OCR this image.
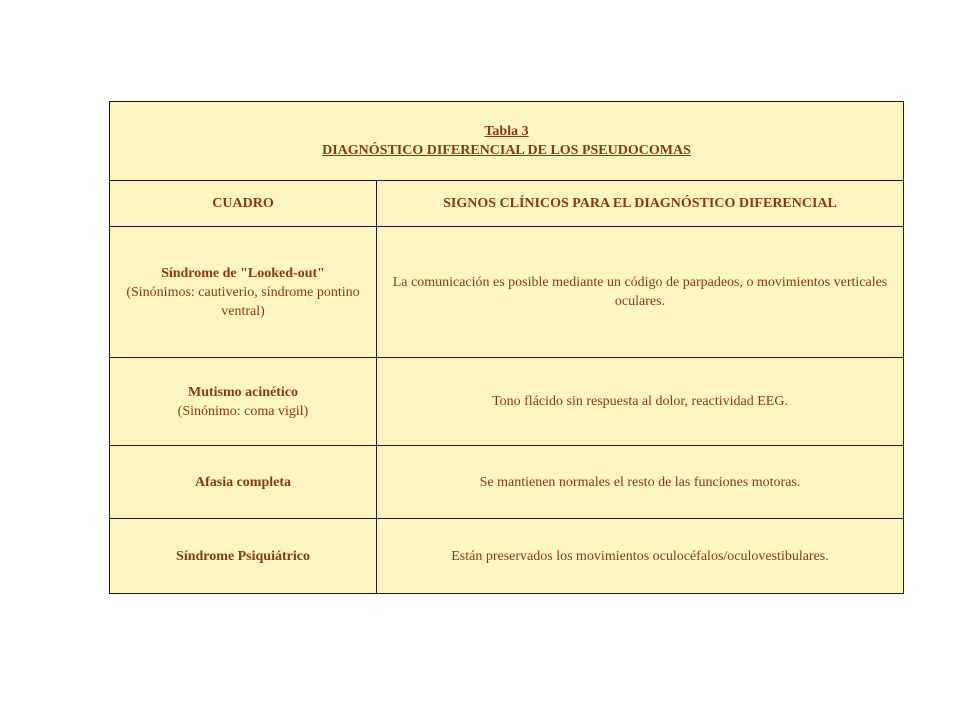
Tabla 3
DIAGNÓSTICO DIFERENCIAL DE LOS PSEUDOCOMAS	

CUADRO	SIGNOS CLÍNICOS PARA EL DIAGNÓSTICO DIFERENCIAL

Síndrome de "Looked-out"
(Sinónimos: cautiverio, síndrome pontino ventral)	La comunicación es posible mediante un código de parpadeos, o movimientos verticales oculares.

Mutismo acinético
(Sinónimo: coma vigil)	Tono flácido sin respuesta al dolor, reactividad EEG.
Afasia completa	Se mantienen normales el resto de las funciones motoras.
Síndrome Psiquiátrico	Están preservados los movimientos oculocéfalos/oculovestibulares.
